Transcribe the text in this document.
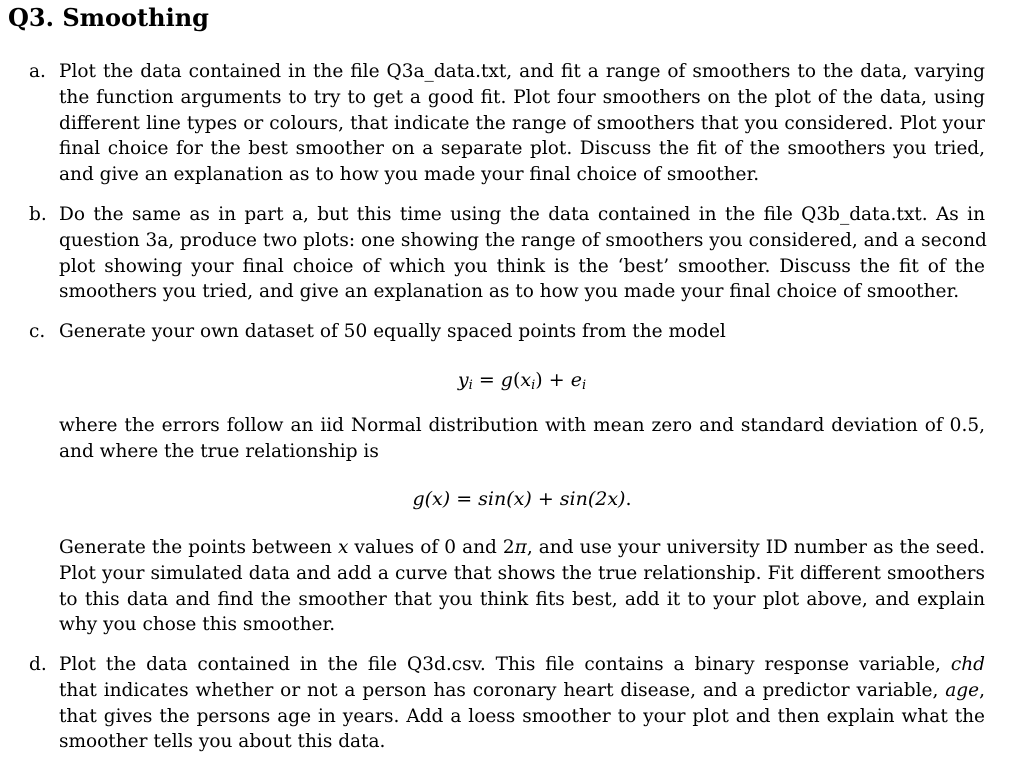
Q3. Smoothing
a. Plot the data contained in the file Q3a_data.txt, and fit a range of smoothers to the data, varying
the function arguments to try to get a good fit. Plot four smoothers on the plot of the data, using
different line types or colours, that indicate the range of smoothers that you considered. Plot your
final choice for the best smoother on a separate plot. Discuss the fit of the smoothers you tried,
and give an explanation as to how you made your final choice of smoother.
b. Do the same as in part a, but this time using the data contained in the file Q3b_data.txt. As in
question 3a, produce two plots: one showing the range of smoothers you considered, and a second
plot showing your final choice of which you think is the ‘best’ smoother. Discuss the fit of the
smoothers you tried, and give an explanation as to how you made your final choice of smoother.
c. Generate your own dataset of 50 equally spaced points from the model
$y_i = g(x_i) + e_i$
where the errors follow an iid Normal distribution with mean zero and standard deviation of 0.5,
and where the true relationship is
g(x) = sin(x) + sin(2x).
Generate the points between x values of 0 and 2π, and use your university ID number as the seed.
Plot your simulated data and add a curve that shows the true relationship. Fit different smoothers
to this data and find the smoother that you think fits best, add it to your plot above, and explain
why you chose this smoother.
d. Plot the data contained in the file Q3d.csv. This file contains a binary response variable, chd
that indicates whether or not a person has coronary heart disease, and a predictor variable, age,
that gives the persons age in years. Add a loess smoother to your plot and then explain what the
smoother tells you about this data.
